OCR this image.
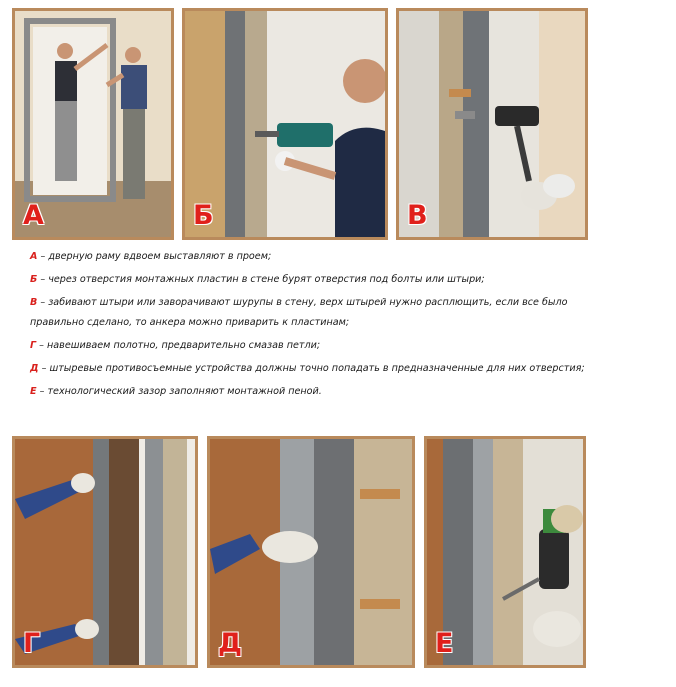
А	Б	В
А – дверную раму вдвоем выставляют в проем;
Б – через отверстия монтажных пластин в стене бурят отверстия под болты или штыри;
В – забивают штыри или заворачивают шурупы в стену, верх штырей нужно расплющить, если все было правильно сделано, то анкера можно приварить к пластинам;
Г – навешиваем полотно, предварительно смазав петли;
Д – штыревые противосъемные устройства должны точно попадать в предназначенные для них отверстия;
Е – технологический зазор заполняют монтажной пеной.
Г	Д	Е
